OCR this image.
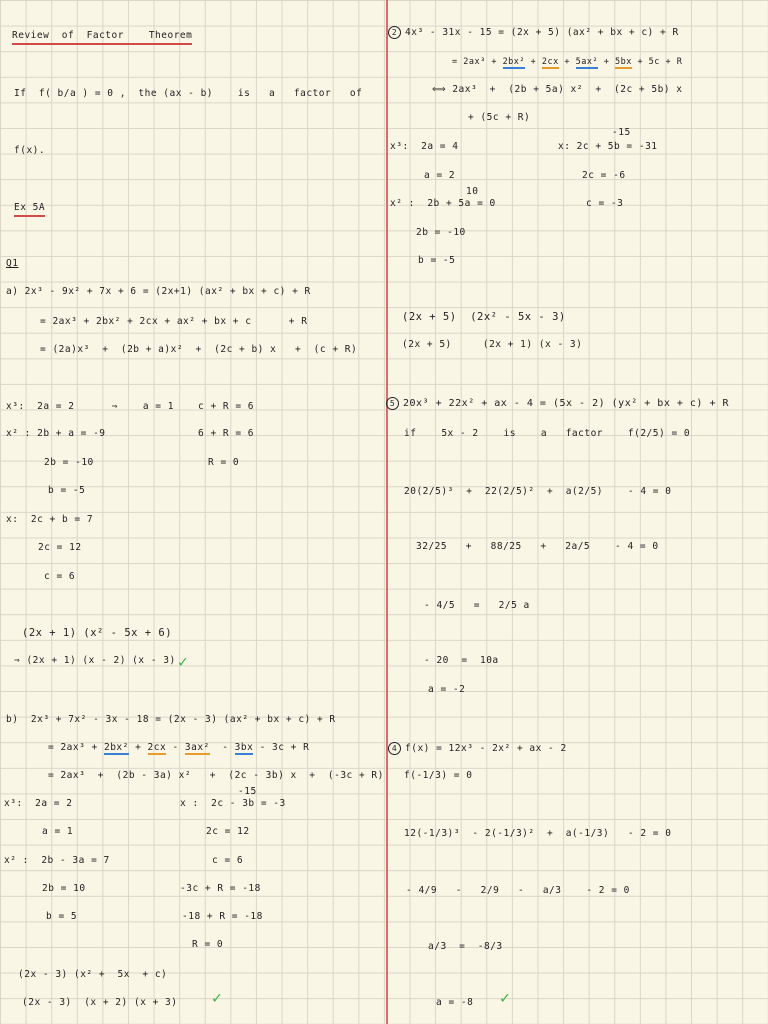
Review  of  Factor    Theorem
If  f( b/a ) = 0 ,  the (ax - b)    is   a   factor   of
f(x).
Ex 5A
Q1
a) 2x³ - 9x² + 7x + 6 = (2x+1) (ax² + bx + c) + R
= 2ax³ + 2bx² + 2cx + ax² + bx + c      + R
= (2a)x³  +  (2b + a)x²  +  (2c + b) x   +  (c + R)
x³:  2a = 2      ⇒    a = 1	c + R = 6
x² : 2b + a = -9	6 + R = 6
2b = -10	R = 0
b = -5
x:  2c + b = 7
2c = 12
c = 6
(2x + 1) (x² - 5x + 6)
⇒ (2x + 1) (x - 2) (x - 3) ✓
b)  2x³ + 7x² - 3x - 18 = (2x - 3) (ax² + bx + c) + R
= 2ax³ + 2bx² + 2cx - 3ax²  - 3bx - 3c + R
= 2ax³  +  (2b - 3a) x²   +  (2c - 3b) x  +  (-3c + R)
-15
x³:  2a = 2	x :  2c - 3b = -3
a = 1	2c = 12
x² :  2b - 3a = 7	c = 6
2b = 10	-3c + R = -18
b = 5	-18 + R = -18
R = 0
(2x - 3) (x² +  5x  + c)
(2x - 3)  (x + 2) (x + 3) ✓
2 4x³ - 31x - 15 = (2x + 5) (ax² + bx + c) + R
= 2ax³ + 2bx² + 2cx + 5ax² + 5bx + 5c + R
⟺ 2ax³  +  (2b + 5a) x²  +  (2c + 5b) x
+ (5c + R)
-15
x³:  2a = 4	x: 2c + 5b = -31
a = 2	2c = -6
10
x² :  2b + 5a = 0	c = -3
2b = -10
b = -5
(2x + 5)  (2x² - 5x - 3)
(2x + 5)     (2x + 1) (x - 3)
5 20x³ + 22x² + ax - 4 = (5x - 2) (yx² + bx + c) + R
if    5x - 2    is    a   factor    f(2/5) = 0
20(2/5)³  +  22(2/5)²  +  a(2/5)    - 4 = 0
32/25   +   88/25   +   2a/5    - 4 = 0
- 4/5   =   2/5 a
- 20  =  10a
a = -2
4 f(x) = 12x³ - 2x² + ax - 2
f(-1/3) = 0
12(-1/3)³  - 2(-1/3)²  +  a(-1/3)   - 2 = 0
- 4/9   -   2/9   -   a/3    - 2 = 0
a/3  =  -8/3
a = -8 ✓
